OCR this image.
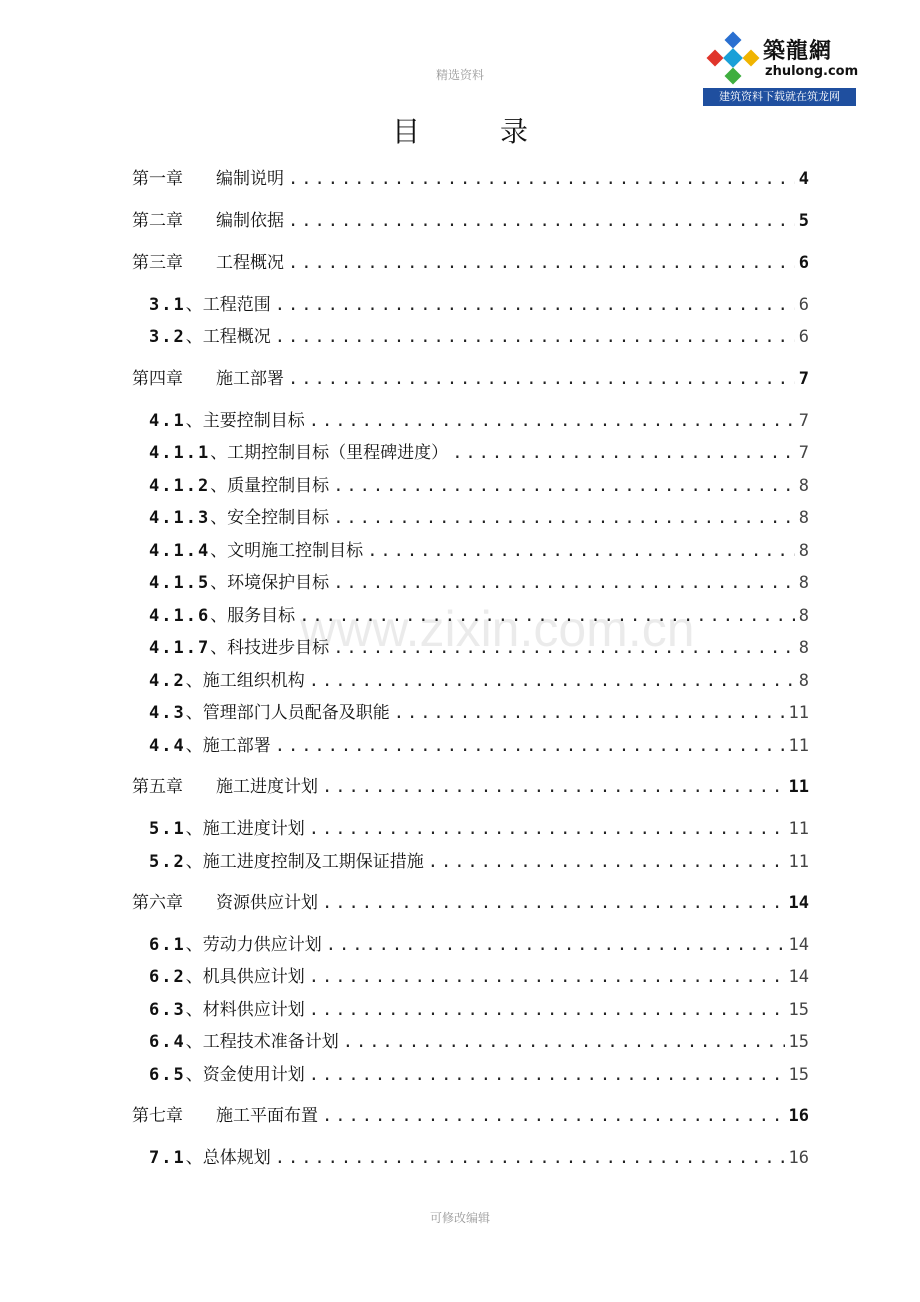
精选资料
築龍網
zhulong.com
建筑资料下载就在筑龙网
目	录
www.zixin.com.cn
第一章	编制说明 .....	4
第二章	编制依据 .....	5
第三章	工程概况 .....	6
3.1 、工程范围 .....	6
3.2 、工程概况 .....	6
第四章	施工部署 .....	7
4.1 、主要控制目标 .....	7
4.1.1 、工期控制目标（里程碑进度） .....	7
4.1.2 、质量控制目标 .....	8
4.1.3 、安全控制目标 .....	8
4.1.4 、文明施工控制目标 .....	8
4.1.5 、环境保护目标 .....	8
4.1.6 、服务目标 .....	8
4.1.7 、科技进步目标 .....	8
4.2 、施工组织机构 .....	8
4.3 、管理部门人员配备及职能 .....	11
4.4 、施工部署 .....	11
第五章	施工进度计划 .....	11
5.1 、施工进度计划 .....	11
5.2 、施工进度控制及工期保证措施 .....	11
第六章	资源供应计划 .....	14
6.1 、劳动力供应计划 .....	14
6.2 、机具供应计划 .....	14
6.3 、材料供应计划 .....	15
6.4 、工程技术准备计划 .....	15
6.5 、资金使用计划 .....	15
第七章	施工平面布置 .....	16
7.1 、总体规划 .....	16
可修改编辑
